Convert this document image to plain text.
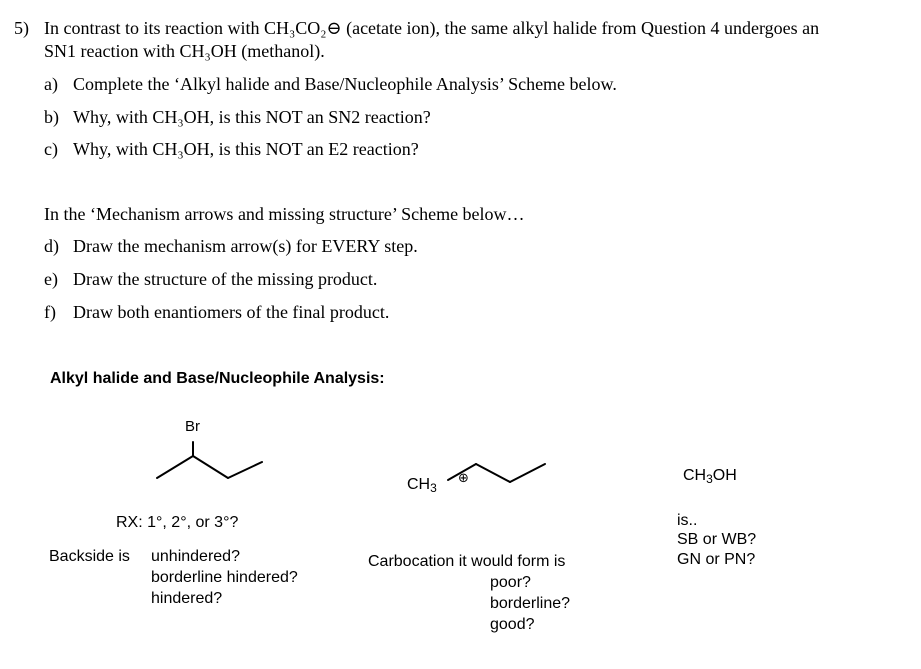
5) In contrast to its reaction with CH₃CO₂⊖ (acetate ion), the same alkyl halide from Question 4 undergoes an
SN1 reaction with CH₃OH (methanol).
a) Complete the ‘Alkyl halide and Base/Nucleophile Analysis’ Scheme below.
b) Why, with CH₃OH, is this NOT an SN2 reaction?
c) Why, with CH₃OH, is this NOT an E2 reaction?
In the ‘Mechanism arrows and missing structure’ Scheme below…
d) Draw the mechanism arrow(s) for EVERY step.
e) Draw the structure of the missing product.
f) Draw both enantiomers of the final product.
Alkyl halide and Base/Nucleophile Analysis:
Br
RX: 1°, 2°, or 3°?
Backside is unhindered?
borderline hindered?
hindered?
$CH_3$
⊕
Carbocation it would form is
poor?
borderline?
good?
$CH_3OH$
is..
SB or WB?
GN or PN?
